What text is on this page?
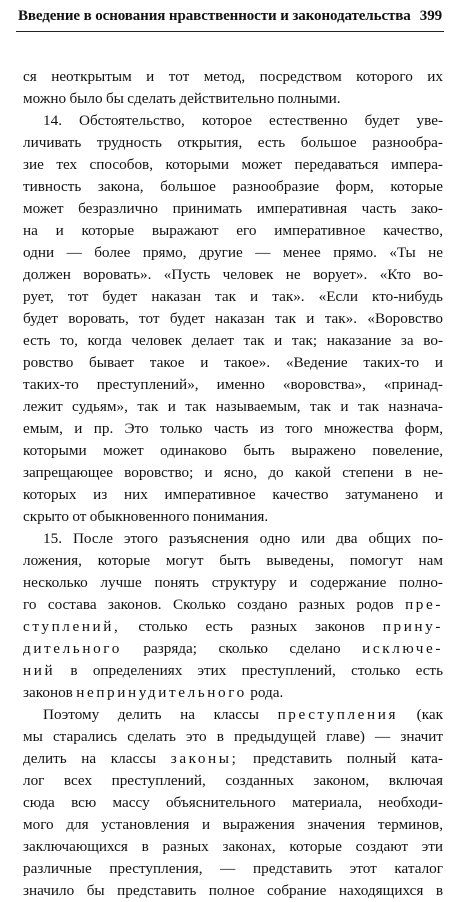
Введение в основания нравственности и законодательства 399
ся неоткрытым и тот метод, посредством которого их
можно было бы сделать действительно полными.
14. Обстоятельство, которое естественно будет уве-
личивать трудность открытия, есть большое разнообра-
зие тех способов, которыми может передаваться импера-
тивность закона, большое разнообразие форм, которые
может безразлично принимать императивная часть зако-
на и которые выражают его императивное качество,
одни — более прямо, другие — менее прямо. «Ты не
должен воровать». «Пусть человек не ворует». «Кто во-
рует, тот будет наказан так и так». «Если кто-нибудь
будет воровать, тот будет наказан так и так». «Воровство
есть то, когда человек делает так и так; наказание за во-
ровство бывает такое и такое». «Ведение таких-то и
таких-то преступлений», именно «воровства», «принад-
лежит судьям», так и так называемым, так и так назнача-
емым, и пр. Это только часть из того множества форм,
которыми может одинаково быть выражено повеление,
запрещающее воровство; и ясно, до какой степени в не-
которых из них императивное качество затуманено и
скрыто от обыкновенного понимания.
15. После этого разъяснения одно или два общих по-
ложения, которые могут быть выведены, помогут нам
несколько лучше понять структуру и содержание полно-
го состава законов. Сколько создано разных родов пре-
ступлений, столько есть разных законов прину-
дительного разряда; сколько сделано исключе-
ний в определениях этих преступлений, столько есть
законов непринудительного рода.
Поэтому делить на классы преступления (как
мы старались сделать это в предыдущей главе) — значит
делить на классы законы; представить полный ката-
лог всех преступлений, созданных законом, включая
сюда всю массу объяснительного материала, необходи-
мого для установления и выражения значения терминов,
заключающихся в разных законах, которые создают эти
различные преступления, — представить этот каталог
значило бы представить полное собрание находящихся в
